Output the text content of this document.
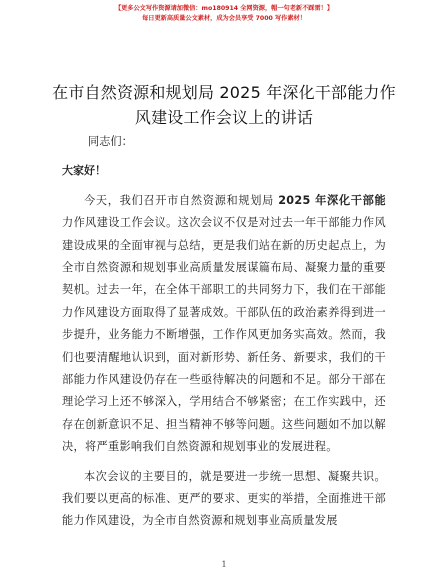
【更多公文写作资源请加微信：mo180914 全网资源，帽一句老新不踩雷！】
每日更新高质量公文素材，成为会员享受 7000 写作素材！
在市自然资源和规划局 2025 年深化干部能力作
风建设工作会议上的讲话
同志们：
大家好！

今天，我们召开市自然资源和规划局 2025 年深化干部能力作风建设工作会议。这次会议不仅是对过去一年干部能力作风建设成果的全面审视与总结，更是我们站在新的历史起点上，为全市自然资源和规划事业高质量发展谋篇布局、凝聚力量的重要契机。过去一年，在全体干部职工的共同努力下，我们在干部能力作风建设方面取得了显著成效。干部队伍的政治素养得到进一步提升，业务能力不断增强，工作作风更加务实高效。然而，我们也要清醒地认识到，面对新形势、新任务、新要求，我们的干部能力作风建设仍存在一些亟待解决的问题和不足。部分干部在理论学习上还不够深入，学用结合不够紧密；在工作实践中，还存在创新意识不足、担当精神不够等问题。这些问题如不加以解决，将严重影响我们自然资源和规划事业的发展进程。

本次会议的主要目的，就是要进一步统一思想、凝聚共识。我们要以更高的标准、更严的要求、更实的举措，全面推进干部能力作风建设，为全市自然资源和规划事业高质量发展

1
